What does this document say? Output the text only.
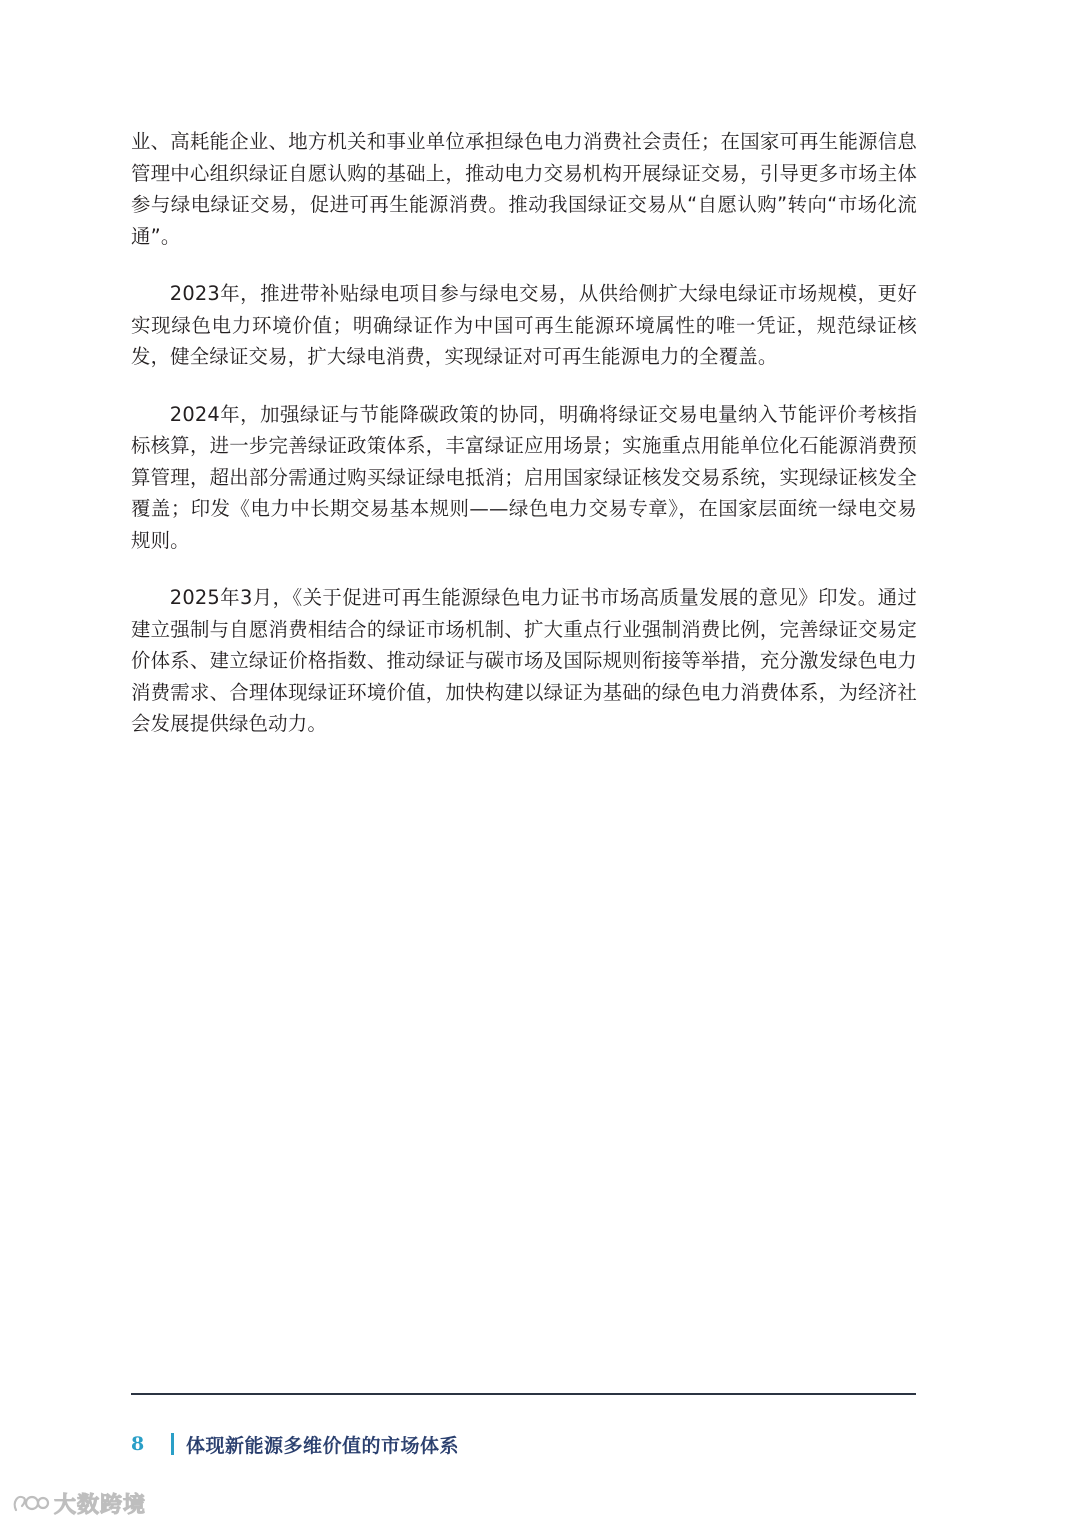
业、高耗能企业、地方机关和事业单位承担绿色电力消费社会责任；在国家可再生能源信息管理中心组织绿证自愿认购的基础上，推动电力交易机构开展绿证交易，引导更多市场主体参与绿电绿证交易，促进可再生能源消费。推动我国绿证交易从“自愿认购”转向“市场化流通”。

2023年，推进带补贴绿电项目参与绿电交易，从供给侧扩大绿电绿证市场规模，更好实现绿色电力环境价值；明确绿证作为中国可再生能源环境属性的唯一凭证，规范绿证核发，健全绿证交易，扩大绿电消费，实现绿证对可再生能源电力的全覆盖。

2024年，加强绿证与节能降碳政策的协同，明确将绿证交易电量纳入节能评价考核指标核算，进一步完善绿证政策体系，丰富绿证应用场景；实施重点用能单位化石能源消费预算管理，超出部分需通过购买绿证绿电抵消；启用国家绿证核发交易系统，实现绿证核发全覆盖；印发《电力中长期交易基本规则——绿色电力交易专章》，在国家层面统一绿电交易规则。

2025年3月，《关于促进可再生能源绿色电力证书市场高质量发展的意见》印发。通过建立强制与自愿消费相结合的绿证市场机制、扩大重点行业强制消费比例，完善绿证交易定价体系、建立绿证价格指数、推动绿证与碳市场及国际规则衔接等举措，充分激发绿色电力消费需求、合理体现绿证环境价值，加快构建以绿证为基础的绿色电力消费体系，为经济社会发展提供绿色动力。

8	体现新能源多维价值的市场体系
大数跨境
